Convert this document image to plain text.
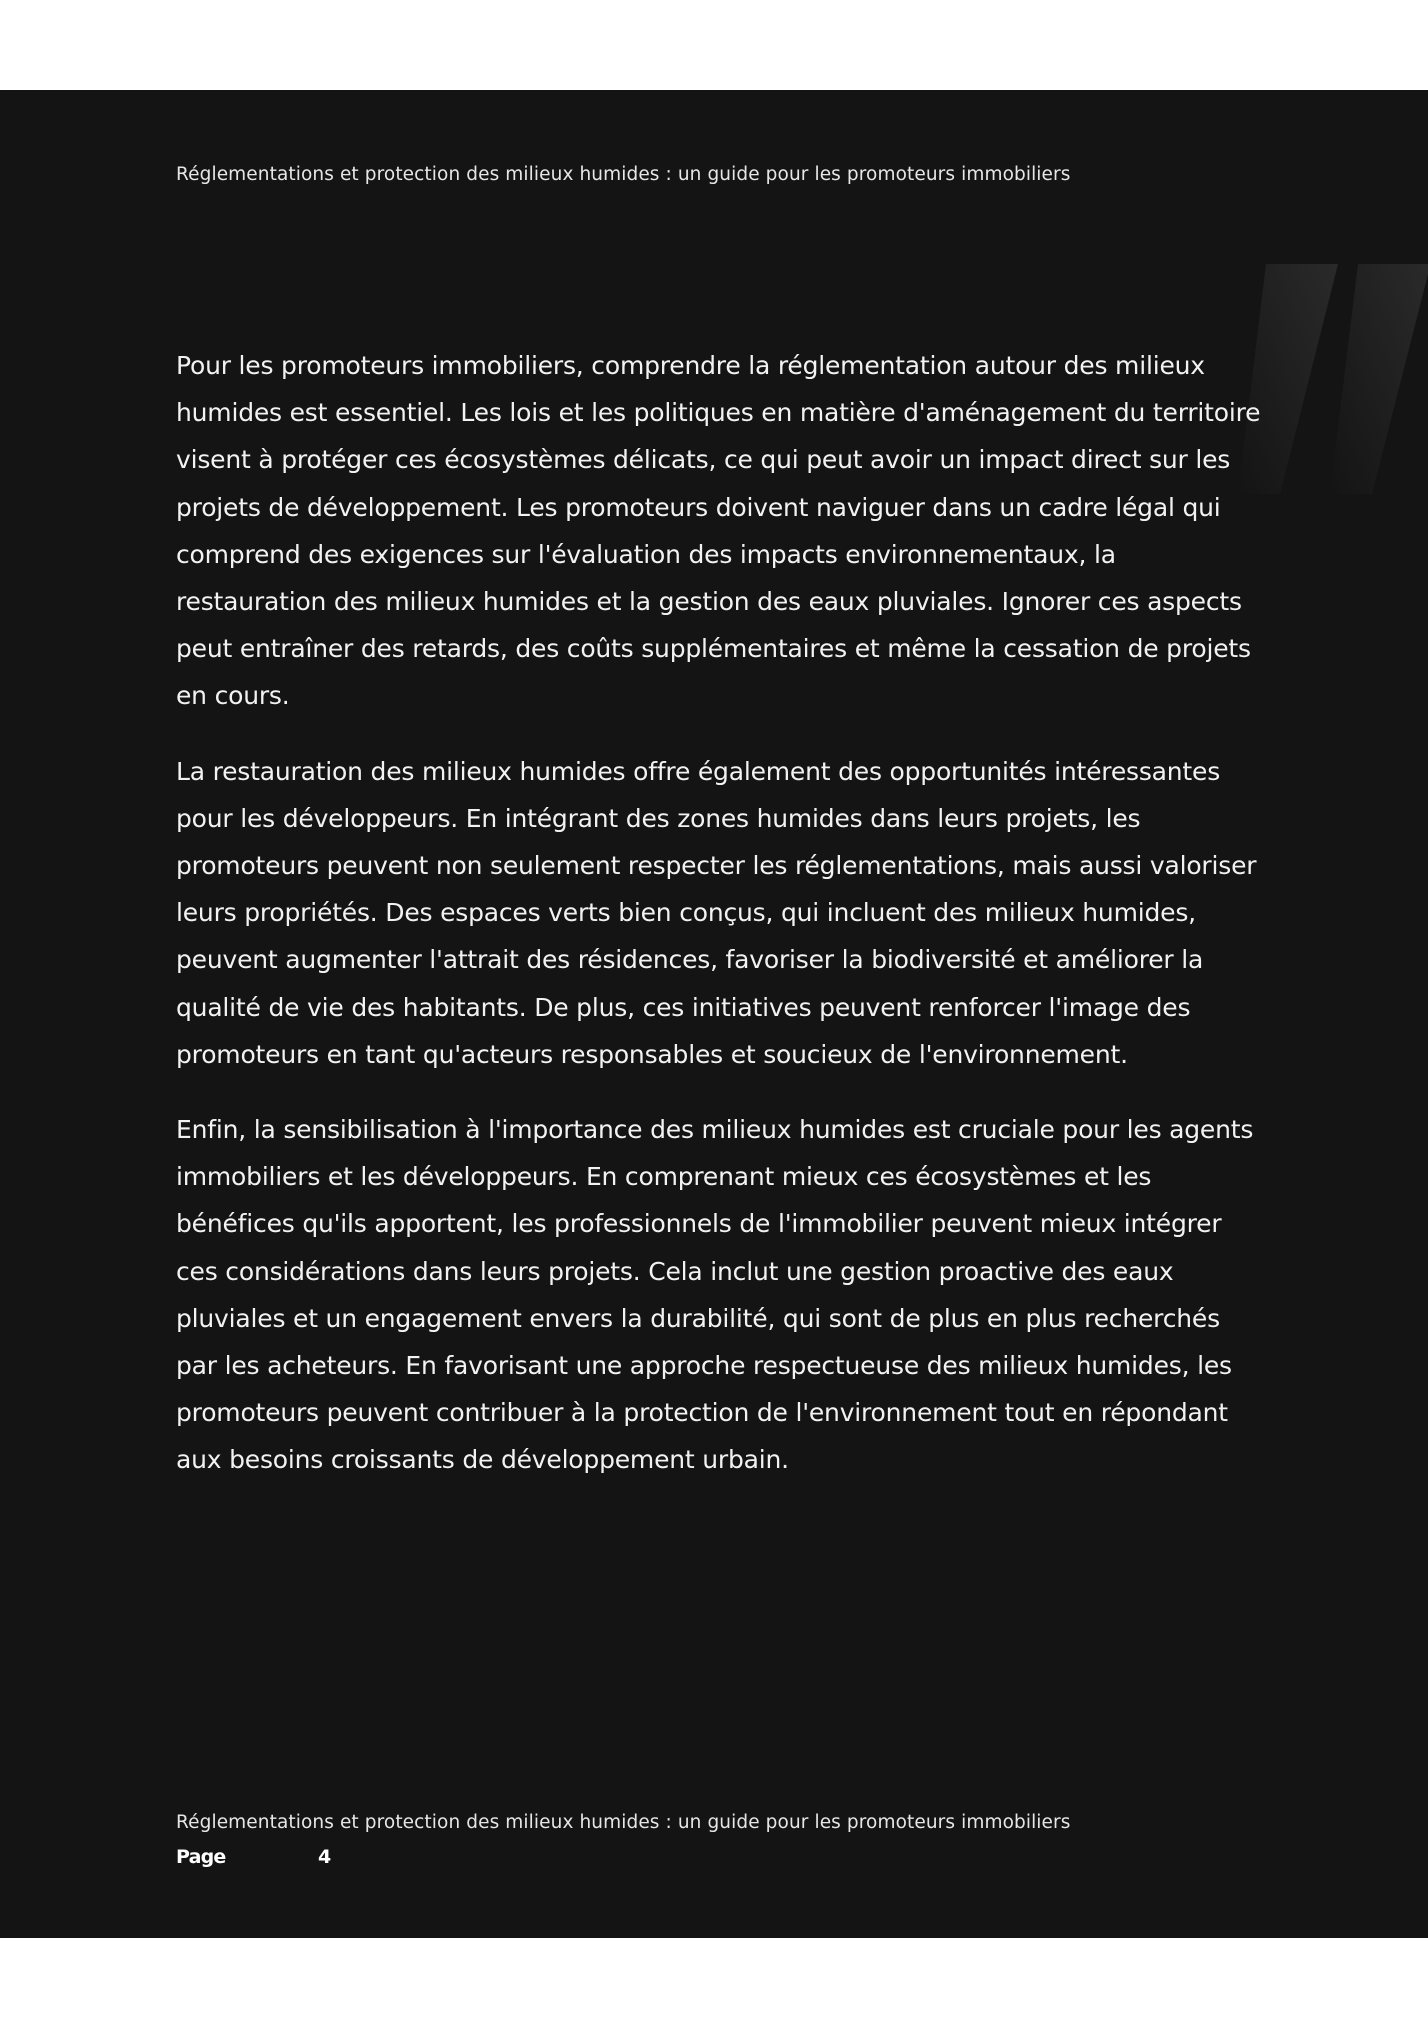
Réglementations et protection des milieux humides : un guide pour les promoteurs immobiliers

Pour les promoteurs immobiliers, comprendre la réglementation autour des milieux humides est essentiel. Les lois et les politiques en matière d'aménagement du territoire visent à protéger ces écosystèmes délicats, ce qui peut avoir un impact direct sur les projets de développement. Les promoteurs doivent naviguer dans un cadre légal qui comprend des exigences sur l'évaluation des impacts environnementaux, la restauration des milieux humides et la gestion des eaux pluviales. Ignorer ces aspects peut entraîner des retards, des coûts supplémentaires et même la cessation de projets en cours.

La restauration des milieux humides offre également des opportunités intéressantes pour les développeurs. En intégrant des zones humides dans leurs projets, les promoteurs peuvent non seulement respecter les réglementations, mais aussi valoriser leurs propriétés. Des espaces verts bien conçus, qui incluent des milieux humides, peuvent augmenter l'attrait des résidences, favoriser la biodiversité et améliorer la qualité de vie des habitants. De plus, ces initiatives peuvent renforcer l'image des promoteurs en tant qu'acteurs responsables et soucieux de l'environnement.

Enfin, la sensibilisation à l'importance des milieux humides est cruciale pour les agents immobiliers et les développeurs. En comprenant mieux ces écosystèmes et les bénéfices qu'ils apportent, les professionnels de l'immobilier peuvent mieux intégrer ces considérations dans leurs projets. Cela inclut une gestion proactive des eaux pluviales et un engagement envers la durabilité, qui sont de plus en plus recherchés par les acheteurs. En favorisant une approche respectueuse des milieux humides, les promoteurs peuvent contribuer à la protection de l'environnement tout en répondant aux besoins croissants de développement urbain.

Réglementations et protection des milieux humides : un guide pour les promoteurs immobiliers
Page	4
